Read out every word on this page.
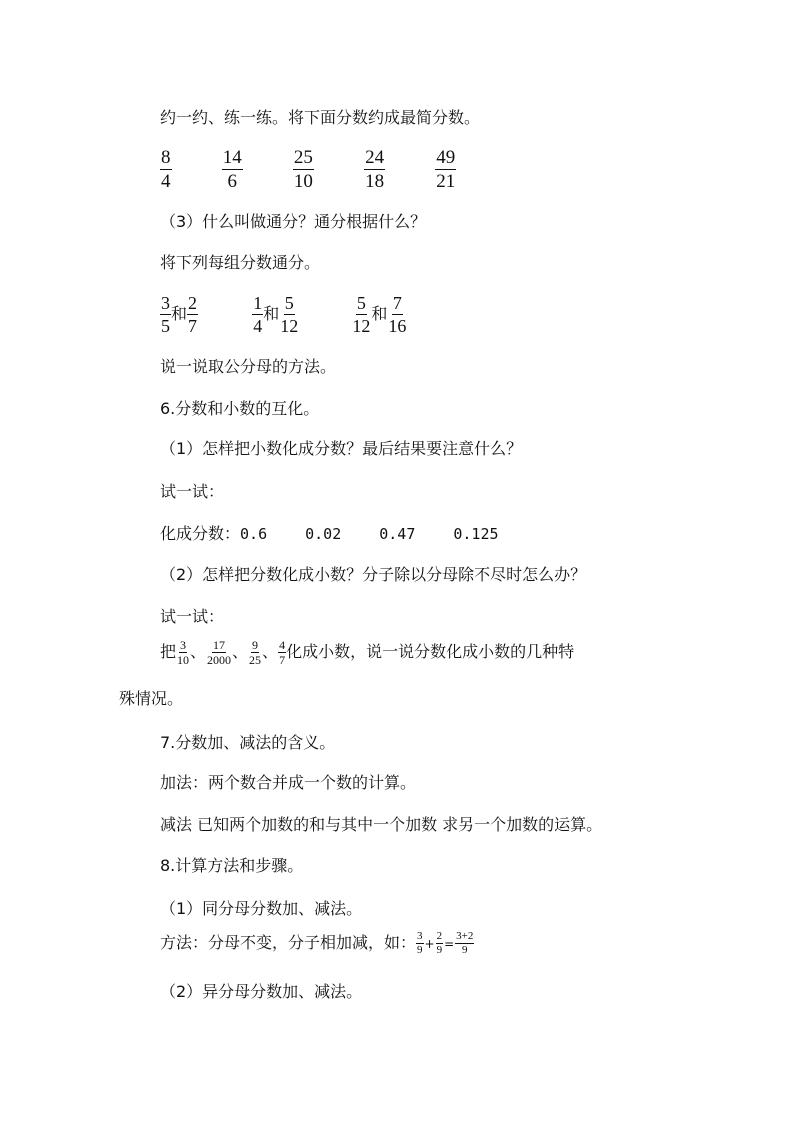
约一约、练一练。将下面分数约成最简分数。
$\frac{8}{4}$
	$\frac{14}{6}$
	$\frac{25}{10}$
	$\frac{24}{18}$
	$\frac{49}{21}$
（3）什么叫做通分？通分根据什么？
将下列每组分数通分。
$\frac{3}{5}$ 和 $\frac{2}{7}$
	$\frac{1}{4}$ 和 $\frac{5}{12}$
	$\frac{5}{12}$ 和 $\frac{7}{16}$
说一说取公分母的方法。
6.分数和小数的互化。
（1）怎样把小数化成分数？最后结果要注意什么？
试一试：
化成分数：0.6	0.02	0.47	0.125
（2）怎样把分数化成小数？分子除以分母除不尽时怎么办？
试一试：
把 $\frac{3}{10}$ 、 $\frac{17}{2000}$ 、 $\frac{9}{25}$ 、 $\frac{4}{7}$ 化成小数，说一说分数化成小数的几种特
殊情况。
7.分数加、减法的含义。
加法：两个数合并成一个数的计算。
减法 已知两个加数的和与其中一个加数 求另一个加数的运算。
8.计算方法和步骤。
（1）同分母分数加、减法。
方法：分母不变，分子相加减，如： $\frac{3}{9} + \frac{2}{9} = \frac{3+2}{9}$
（2）异分母分数加、减法。
